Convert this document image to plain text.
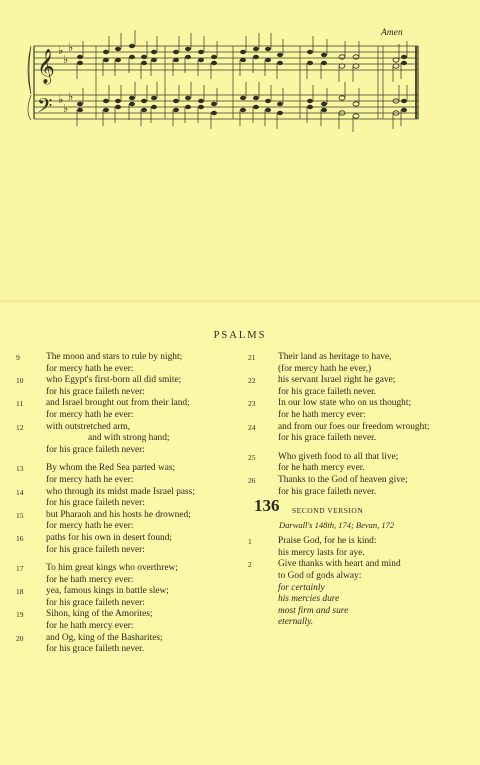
𝄞
𝄢
♭
♭
♭
♭
♭
♭
Amen
PSALMS
9	The moon and stars to rule by night;
for mercy hath he ever:
10	who Egypt's first-born all did smite;
for his grace faileth never:
11	and Israel brought out from their land;
for mercy hath he ever:
12	with outstretched arm,
and with strong hand;
for his grace faileth never:
13	By whom the Red Sea parted was;
for mercy hath he ever:
14	who through its midst made Israel pass;
for his grace faileth never:
15	but Pharaoh and his hosts he drowned;
for mercy hath he ever:
16	paths for his own in desert found;
for his grace faileth never:
17	To him great kings who overthrew;
for he hath mercy ever:
18	yea, famous kings in battle slew;
for his grace faileth never:
19	Sihon, king of the Amorites;
for he hath mercy ever:
20	and Og, king of the Basharites;
for his grace faileth never.
21	Their land as heritage to have,
(for mercy hath he ever,)
22	his servant Israel right he gave;
for his grace faileth never.
23	In our low state who on us thought;
for he hath mercy ever:
24	and from our foes our freedom wrought;
for his grace faileth never.
25	Who giveth food to all that live;
for he hath mercy ever.
26	Thanks to the God of heaven give;
for his grace faileth never.
136 SECOND VERSION
Darwall's 148th, 174; Bevan, 172
1	Praise God, for he is kind:
his mercy lasts for aye.
2	Give thanks with heart and mind
to God of gods alway:
for certainly
his mercies dure
most firm and sure
eternally.
